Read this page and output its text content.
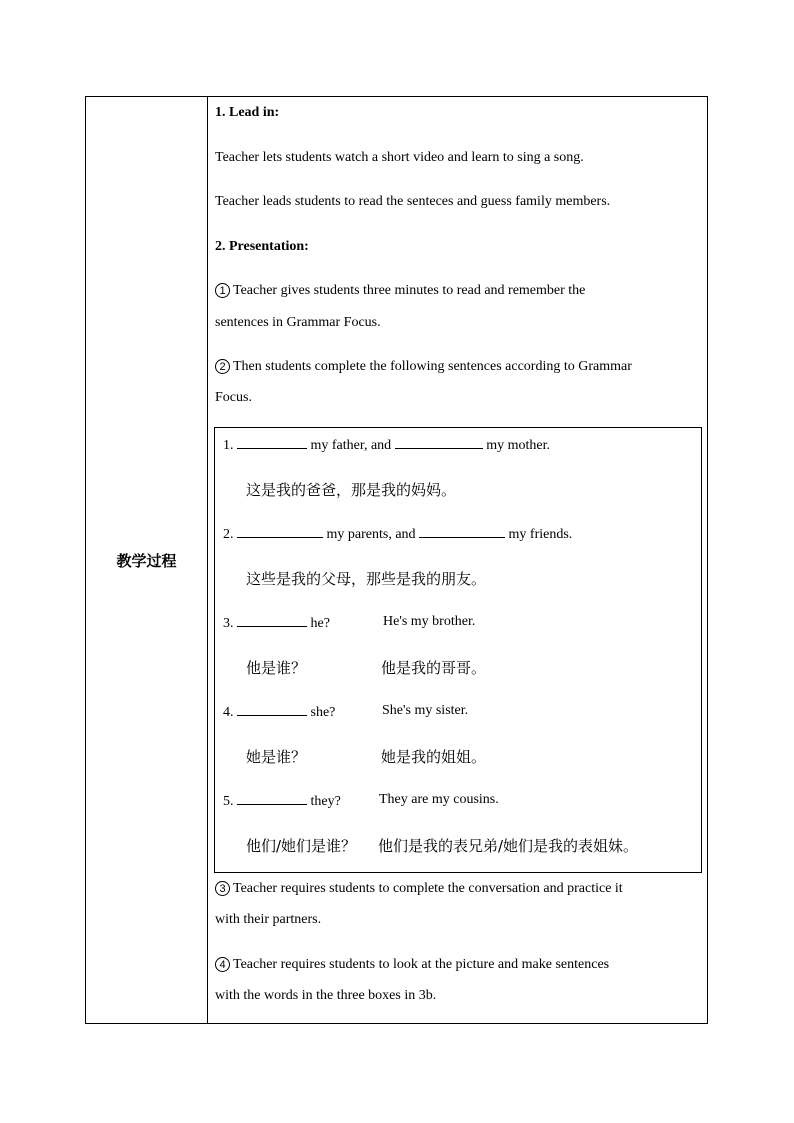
教学过程
1. Lead in:
Teacher lets students watch a short video and learn to sing a song.
Teacher leads students to read the senteces and guess family members.
2. Presentation:
1 Teacher gives students three minutes to read and remember the
sentences in Grammar Focus.
2 Then students complete the following sentences according to Grammar
Focus.
3 Teacher requires students to complete the conversation and practice it
with their partners.
4 Teacher requires students to look at the picture and make sentences
with the words in the three boxes in 3b.
1.	my father, and	my mother.
这是我的爸爸，那是我的妈妈。
2.	my parents, and	my friends.
这些是我的父母，那些是我的朋友。
3.	he?	He's my brother.
他是谁？	他是我的哥哥。
4.	she?	She's my sister.
她是谁？	她是我的姐姐。
5.	they?	They are my cousins.
他们/她们是谁？ 他们是我的表兄弟/她们是我的表姐妹。
